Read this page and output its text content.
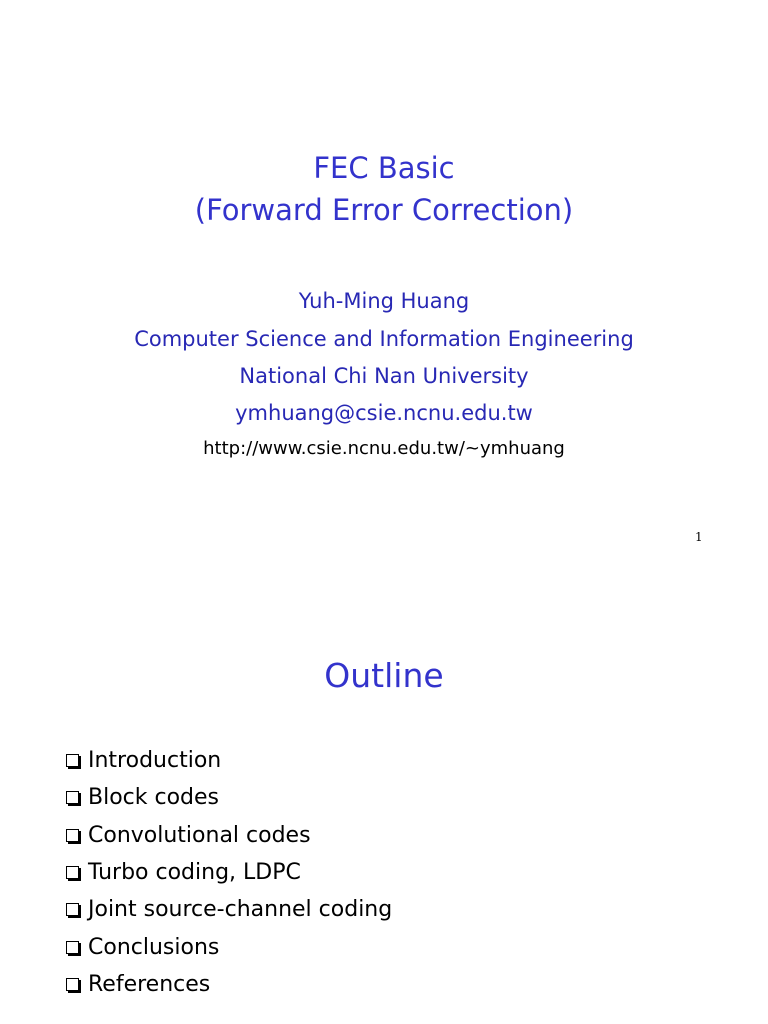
FEC Basic
(Forward Error Correction)
Yuh-Ming Huang
Computer Science and Information Engineering
National Chi Nan University
ymhuang@csie.ncnu.edu.tw
http://www.csie.ncnu.edu.tw/~ymhuang
1
Outline
Introduction
Block codes
Convolutional codes
Turbo coding, LDPC
Joint source-channel coding
Conclusions
References
